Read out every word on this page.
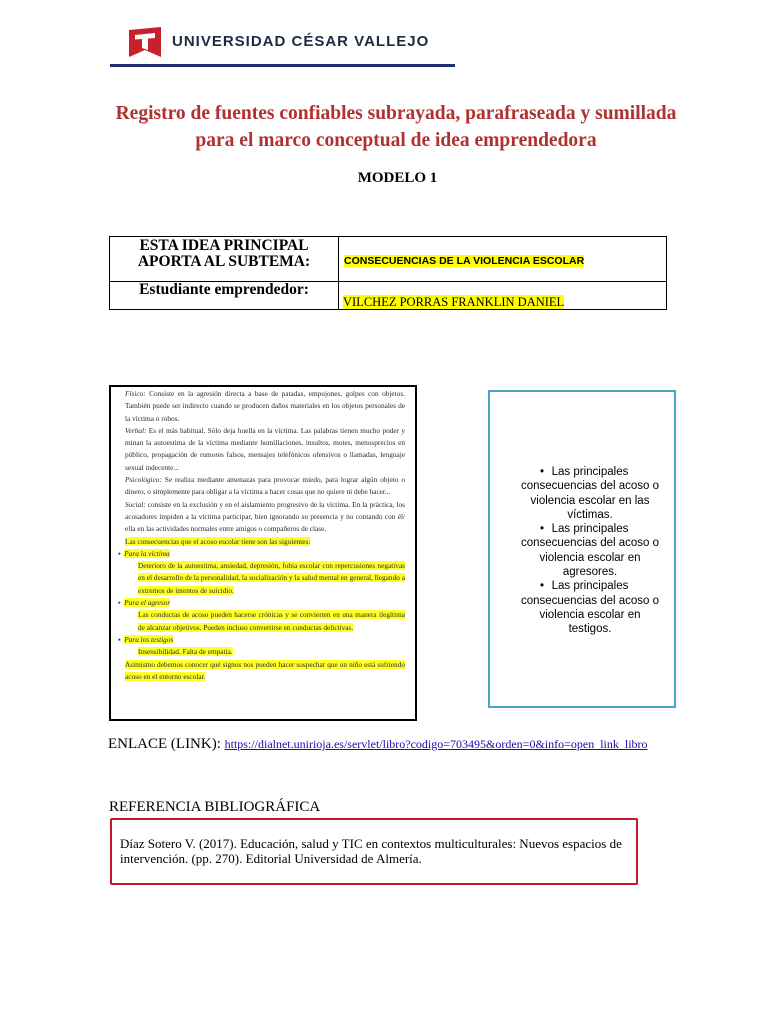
UNIVERSIDAD CÉSAR VALLEJO
Registro de fuentes confiables subrayada, parafraseada y sumillada para el marco conceptual de idea emprendedora
MODELO 1
ESTA IDEA PRINCIPAL APORTA AL SUBTEMA:	CONSECUENCIAS DE LA VIOLENCIA ESCOLAR

Estudiante emprendedor:	VILCHEZ PORRAS FRANKLIN DANIEL

Físico: Consiste en la agresión directa a base de patadas, empujones, golpes con objetos. También puede ser indirecto cuando se producen daños materiales en los objetos personales de la víctima o robos.

Verbal: Es el más habitual. Sólo deja huella en la víctima. Las palabras tienen mucho poder y minan la autoestima de la víctima mediante humillaciones, insultos, motes, menosprecios en público, propagación de rumores falsos, mensajes telefónicos ofensivos o llamadas, lenguaje sexual indecente...

Psicológico: Se realiza mediante amenazas para provocar miedo, para lograr algún objeto o dinero, o simplemente para obligar a la víctima a hacer cosas que no quiere ni debe hacer...

Social: consiste en la exclusión y en el aislamiento progresivo de la víctima. En la práctica, los acosadores impiden a la víctima participar, bien ignorando su presencia y no contando con él/ ella en las actividades normales entre amigos o compañeros de clase.

Las consecuencias que el acoso escolar tiene son las siguientes:

▪  Para la víctima

Deterioro de la autoestima, ansiedad, depresión, fobia escolar con repercusiones negativas en el desarrollo de la personalidad, la socialización y la salud mental en general, llegando a extremos de intentos de suicidio.

▪  Para el agresor

Las conductas de acoso pueden hacerse crónicas y se convierten en una manera ilegítima de alcanzar objetivos. Pueden incluso convertirse en conductas delictivas.

▪  Para los testigos

Insensibilidad. Falta de empatía.

Asimismo debemos conocer qué signos nos pueden hacer sospechar que un niño está sufriendo acoso en el entorno escolar.

• Las principales consecuencias del acoso o violencia escolar en las víctimas.
• Las principales consecuencias del acoso o violencia escolar en agresores.
• Las principales consecuencias del acoso o violencia escolar en testigos.
ENLACE (LINK): https://dialnet.unirioja.es/servlet/libro?codigo=703495&orden=0&info=open_link_libro
REFERENCIA BIBLIOGRÁFICA
Díaz Sotero V. (2017). Educación, salud y TIC en contextos multiculturales: Nuevos espacios de intervención. (pp. 270). Editorial Universidad de Almería.
